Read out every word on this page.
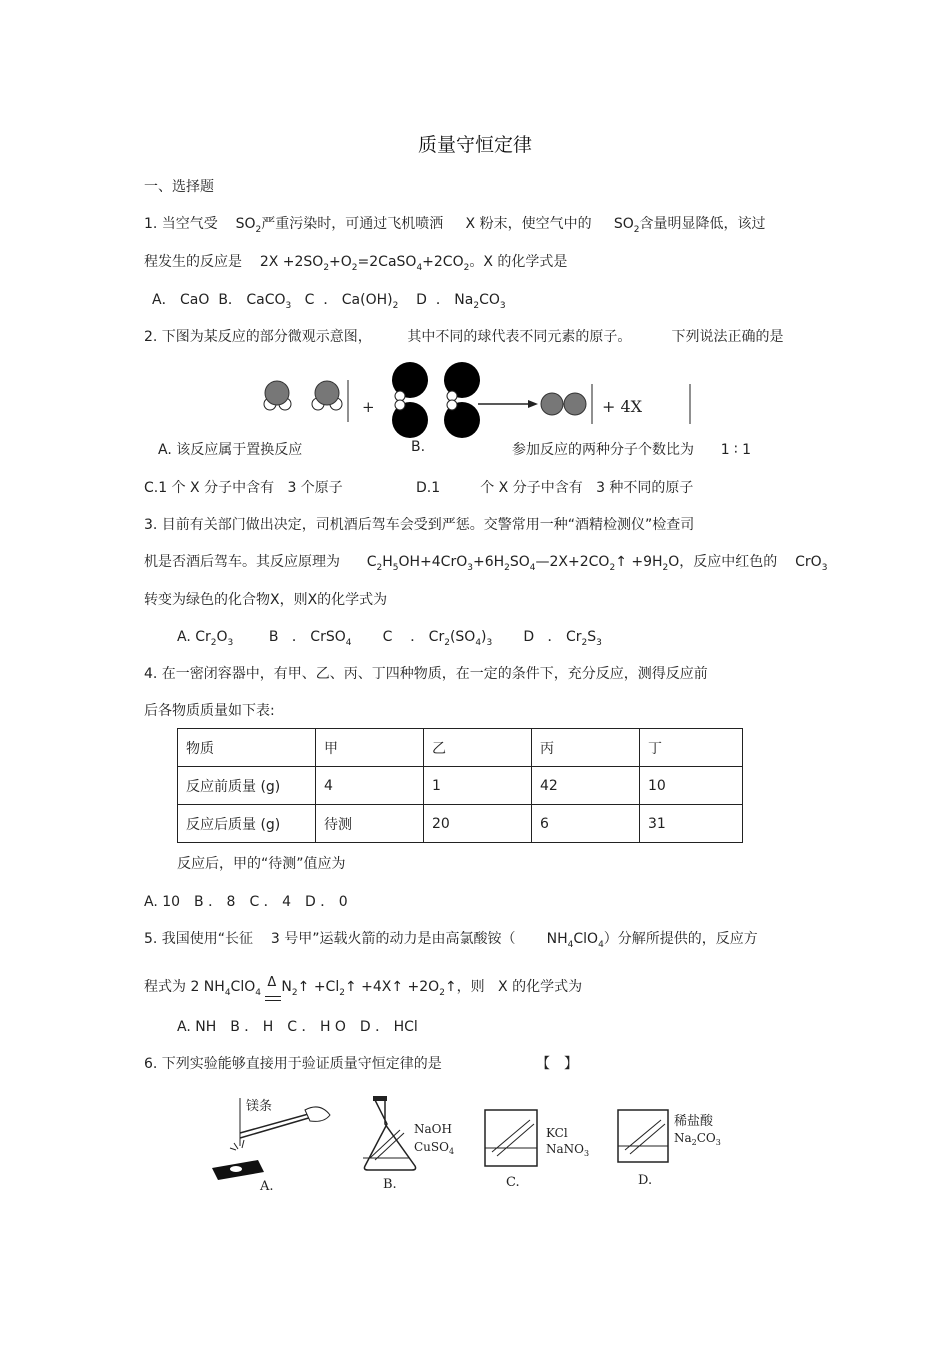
质量守恒定律
一、选择题
1. 当空气受 $SO_2$严重污染时，可通过飞机喷洒 X 粉末，使空气中的 $SO_2$含量明显降低，该过
程发生的反应是 $2X +2SO_2+O_2=2CaSO_4+2CO_2$。X 的化学式是
A． CaO B． CaCO$_3$ C ． $Ca(OH)_2$ D ． $Na_2CO_3$
2. 下图为某反应的部分微观示意图，	其中不同的球代表不同元素的原子。	下列说法正确的是
+	+ 4X
A. 该反应属于置换反应	B.	参加反应的两种分子个数比为 1 ∶ 1
C.1 个 X 分子中含有 3 个原子	D.1	个 X 分子中含有 3 种不同的原子
3. 目前有关部门做出决定，司机酒后驾车会受到严惩。交警常用一种“酒精检测仪”检查司
机是否酒后驾车。其反应原理为 $C_2H_5OH+4CrO_3+6H_2SO_4—2X+2CO_2↑ +9H_2O$，反应中红色的 CrO$_3$
转变为绿色的化合物X，则X的化学式为
A. $Cr_2O_3$	B ． CrSO$_4$ C ． $Cr_2(SO_4)_3$ D ． $Cr_2S_3$
4. 在一密闭容器中，有甲、乙、丙、丁四种物质，在一定的条件下，充分反应，测得反应前
后各物质质量如下表:
物质	甲	乙	丙	丁
反应前质量 (g)	4	1	42	10
反应后质量 (g)	待测	20	6	31
反应后，甲的“待测”值应为
A. 10　B ． 8　C ． 4　D ． 0
5. 我国使用“长征 3 号甲”运载火箭的动力是由高氯酸铵（ $NH_4ClO_4$）分解所提供的，反应方
程式为 2 $NH_4ClO_4$
Δ $N_2↑$ $+Cl_2↑$ +4X↑ $+2O_2↑$，则 X 的化学式为
A. NH　B ． H　C ． H O　D ． HCl
6. 下列实验能够直接用于验证质量守恒定律的是	【　】
镁条
A.
NaOH
CuSO$_4$
B.
KCl
NaNO$_3$
C.
稀盐酸
$Na_2CO_3$
D.
